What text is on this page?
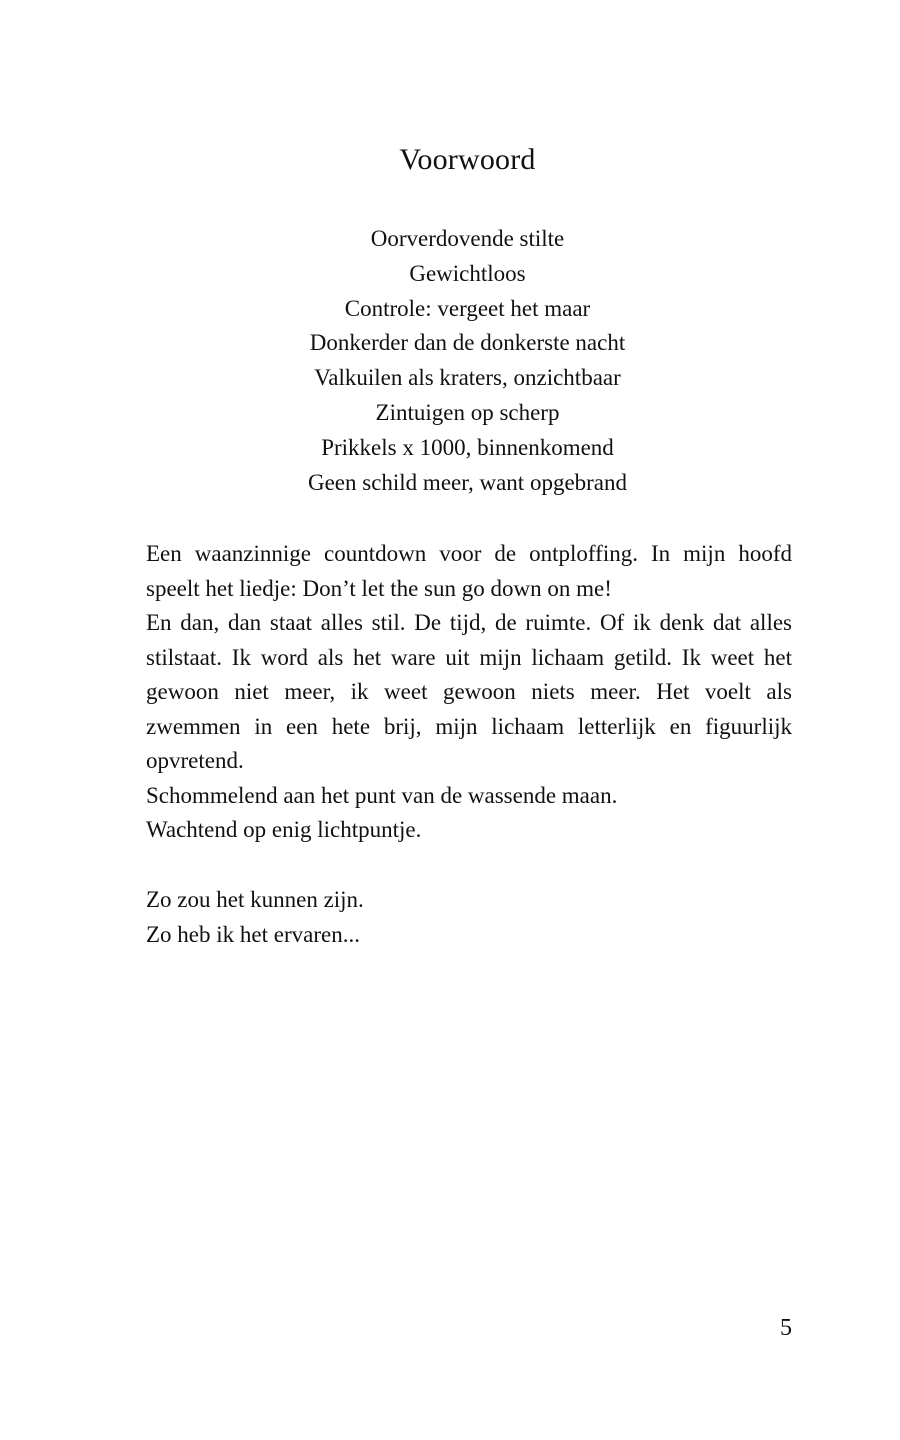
Voorwoord
Oorverdovende stilte
Gewichtloos
Controle: vergeet het maar
Donkerder dan de donkerste nacht
Valkuilen als kraters, onzichtbaar
Zintuigen op scherp
Prikkels x 1000, binnenkomend
Geen schild meer, want opgebrand

Een waanzinnige countdown voor de ontploffing. In mijn hoofd speelt het liedje: Don’t let the sun go down on me!

En dan, dan staat alles stil. De tijd, de ruimte. Of ik denk dat alles stilstaat. Ik word als het ware uit mijn lichaam getild. Ik weet het gewoon niet meer, ik weet gewoon niets meer. Het voelt als zwemmen in een hete brij, mijn lichaam letterlijk en figuurlijk opvretend.

Schommelend aan het punt van de wassende maan.

Wachtend op enig lichtpuntje.

Zo zou het kunnen zijn.

Zo heb ik het ervaren...

5
